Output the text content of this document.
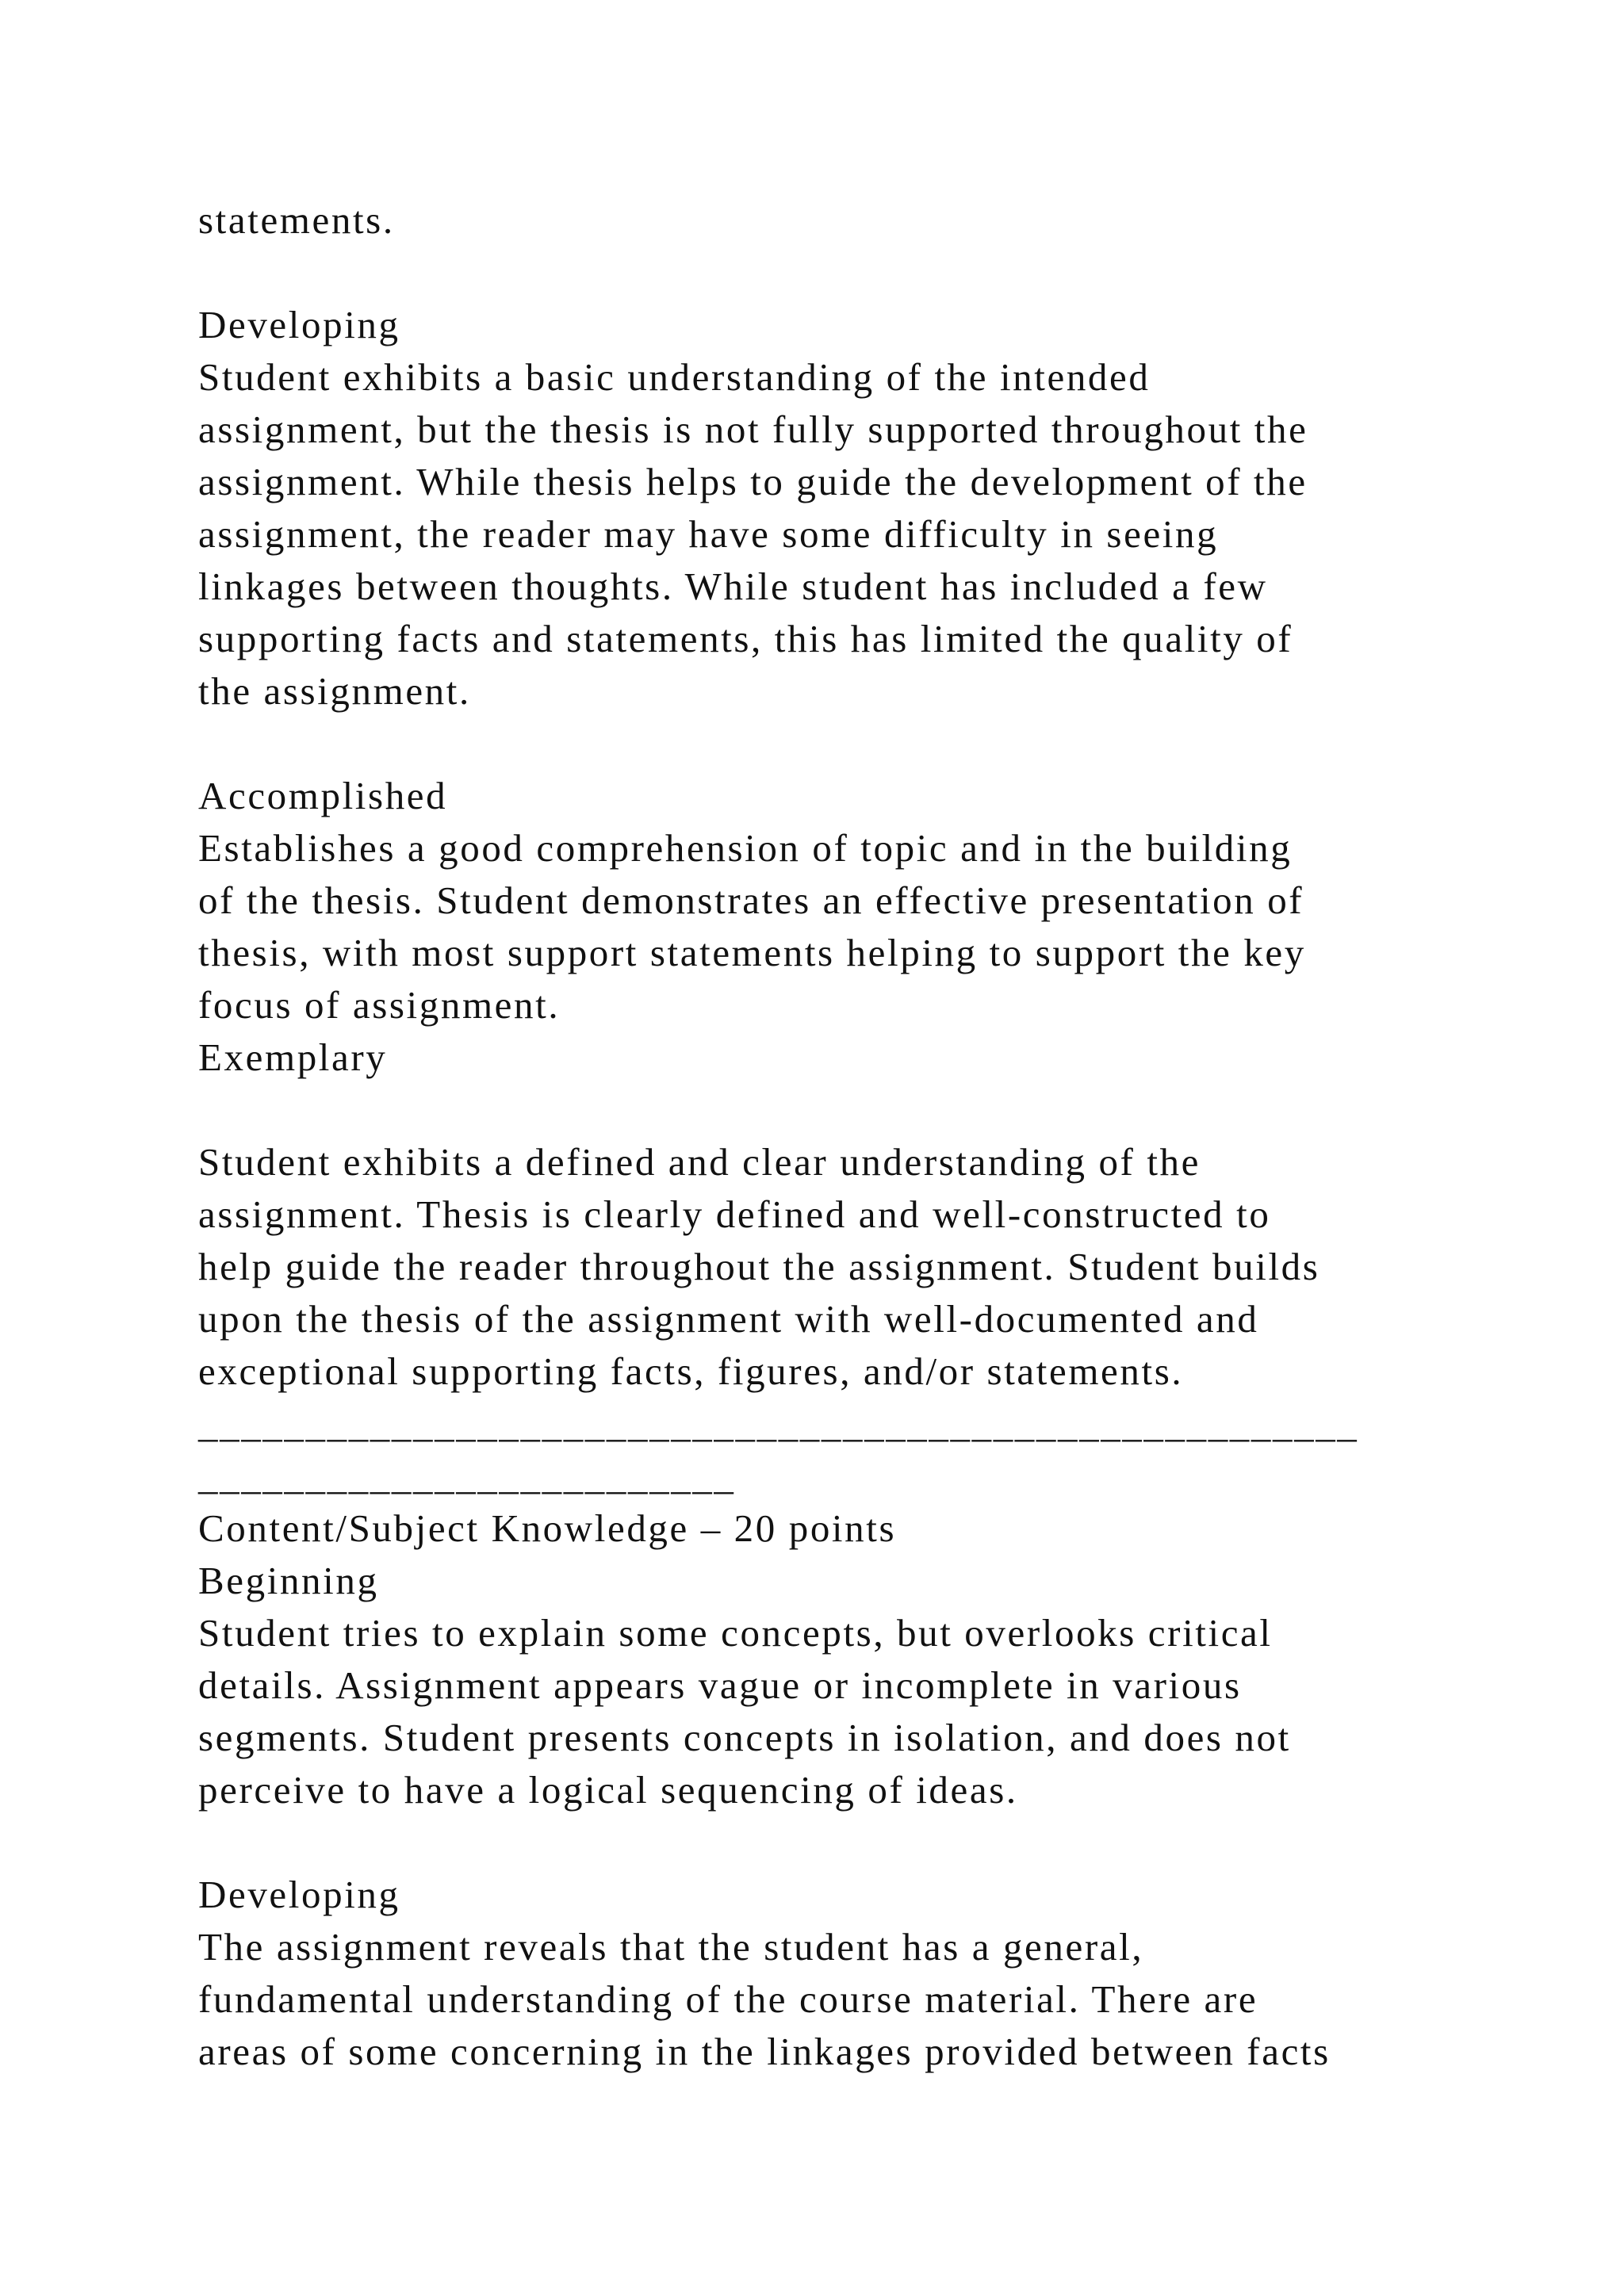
statements.
Developing
Student exhibits a basic understanding of the intended
assignment, but the thesis is not fully supported throughout the
assignment. While thesis helps to guide the development of the
assignment, the reader may have some difficulty in seeing
linkages between thoughts. While student has included a few
supporting facts and statements, this has limited the quality of
the assignment.
Accomplished
Establishes a good comprehension of topic and in the building
of the thesis. Student demonstrates an effective presentation of
thesis, with most support statements helping to support the key
focus of assignment.
Exemplary
Student exhibits a defined and clear understanding of the
assignment. Thesis is clearly defined and well-constructed to
help guide the reader throughout the assignment. Student builds
upon the thesis of the assignment with well-documented and
exceptional supporting facts, figures, and/or statements.
______________________________________________________
_________________________
Content/Subject Knowledge – 20 points
Beginning
Student tries to explain some concepts, but overlooks critical
details. Assignment appears vague or incomplete in various
segments. Student presents concepts in isolation, and does not
perceive to have a logical sequencing of ideas.
Developing
The assignment reveals that the student has a general,
fundamental understanding of the course material. There are
areas of some concerning in the linkages provided between facts
